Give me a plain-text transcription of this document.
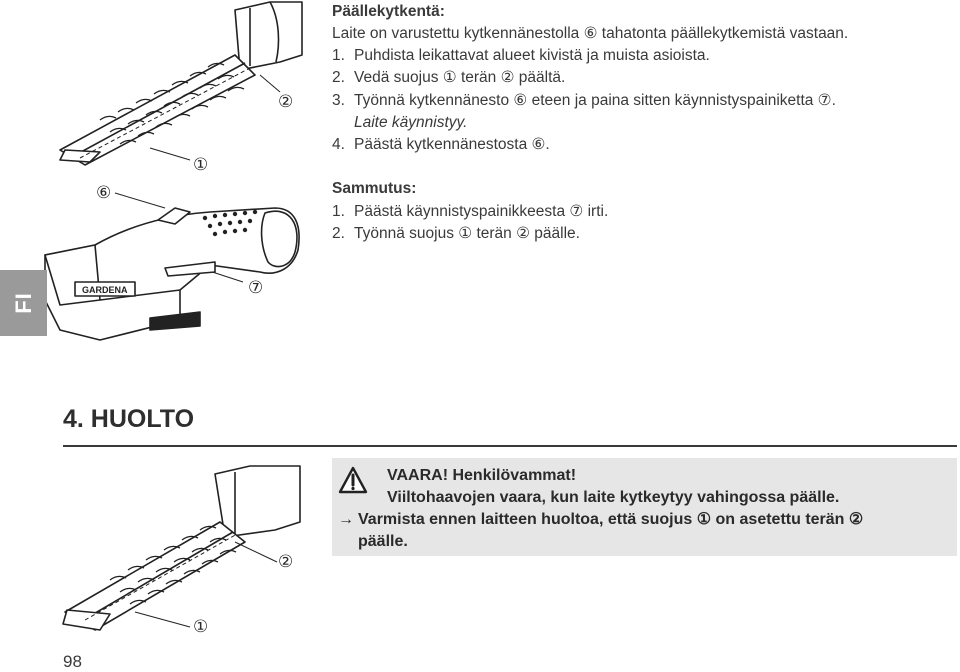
GARDENA
⑥
②
①
⑦
FI
Päällekytkentä:
Laite on varustettu kytkennänestolla ⑥ tahatonta päällekytkemistä vastaan.
1. Puhdista leikattavat alueet kivistä ja muista asioista.
2. Vedä suojus ① terän ② päältä.
3. Työnnä kytkennänesto ⑥ eteen ja paina sitten käynnistyspainiketta ⑦.
Laite käynnistyy.
4. Päästä kytkennänestosta ⑥.
Sammutus:
1. Päästä käynnistyspainikkeesta ⑦ irti.
2. Työnnä suojus ① terän ② päälle.
4. HUOLTO
②
①
VAARA! Henkilövammat!
Viiltohaavojen vaara, kun laite kytkeytyy vahingossa päälle.
→ Varmista ennen laitteen huoltoa, että suojus ① on asetettu terän ②
päälle.
98
